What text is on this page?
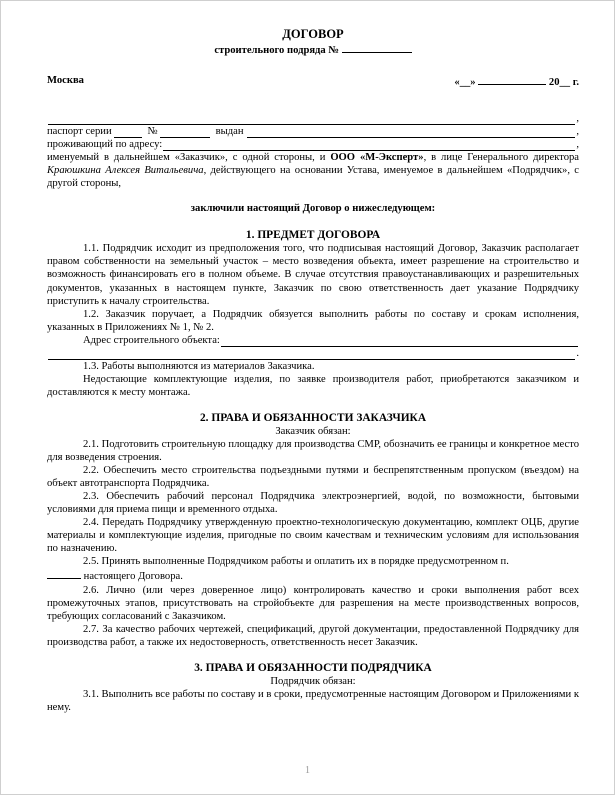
ДОГОВОР
строительного подряда №
Москва	«__»	20__ г.
,
паспорт серии

	№

	выдан
	,
проживающий по адресу:	,
именуемый в дальнейшем «Заказчик», с одной стороны, и ООО «М-Эксперт», в лице Генерального директора Краюшкина Алексея Витальевича, действующего на основании Устава, именуемое в дальнейшем «Подрядчик», с другой стороны,
заключили настоящий Договор о нижеследующем:
1. ПРЕДМЕТ ДОГОВОРА
1.1. Подрядчик исходит из предположения того, что подписывая настоящий Договор, Заказчик располагает правом собственности на земельный участок – место возведения объекта, имеет разрешение на строительство и возможность финансировать его в полном объеме. В случае отсутствия правоустанавливающих и разрешительных документов, указанных в настоящем пункте, Заказчик по свою ответственность дает указание Подрядчику приступить к началу строительства.
1.2. Заказчик поручает, а Подрядчик обязуется выполнить работы по составу и срокам исполнения, указанных в Приложениях № 1, № 2.
Адрес строительного объекта:
.
1.3. Работы выполняются из материалов Заказчика.
Недостающие комплектующие изделия, по заявке производителя работ, приобретаются заказчиком и доставляются к месту монтажа.
2. ПРАВА И ОБЯЗАННОСТИ ЗАКАЗЧИКА
Заказчик обязан:
2.1. Подготовить строительную площадку для производства СМР, обозначить ее границы и конкретное место для возведения строения.
2.2. Обеспечить место строительства подъездными путями и беспрепятственным пропуском (въездом) на объект автотранспорта Подрядчика.
2.3. Обеспечить рабочий персонал Подрядчика электроэнергией, водой, по возможности, бытовыми условиями для приема пищи и временного отдыха.
2.4. Передать Подрядчику утвержденную проектно-технологическую документацию, комплект ОЦБ, другие материалы и комплектующие изделия, пригодные по своим качествам и техническим условиям для использования по назначению.
2.5. Принять выполненные Подрядчиком работы и оплатить их в порядке предусмотренном п.
настоящего Договора.
2.6. Лично (или через доверенное лицо) контролировать качество и сроки выполнения работ всех промежуточных этапов, присутствовать на стройобъекте для разрешения на месте производственных вопросов, требующих согласований с Заказчиком.
2.7. За качество рабочих чертежей, спецификаций, другой документации, предоставленной Подрядчику для производства работ, а также их недостоверность, ответственность несет Заказчик.
3. ПРАВА И ОБЯЗАННОСТИ ПОДРЯДЧИКА
Подрядчик обязан:
3.1. Выполнить все работы по составу и в сроки, предусмотренные настоящим Договором и Приложениями к нему.
1
